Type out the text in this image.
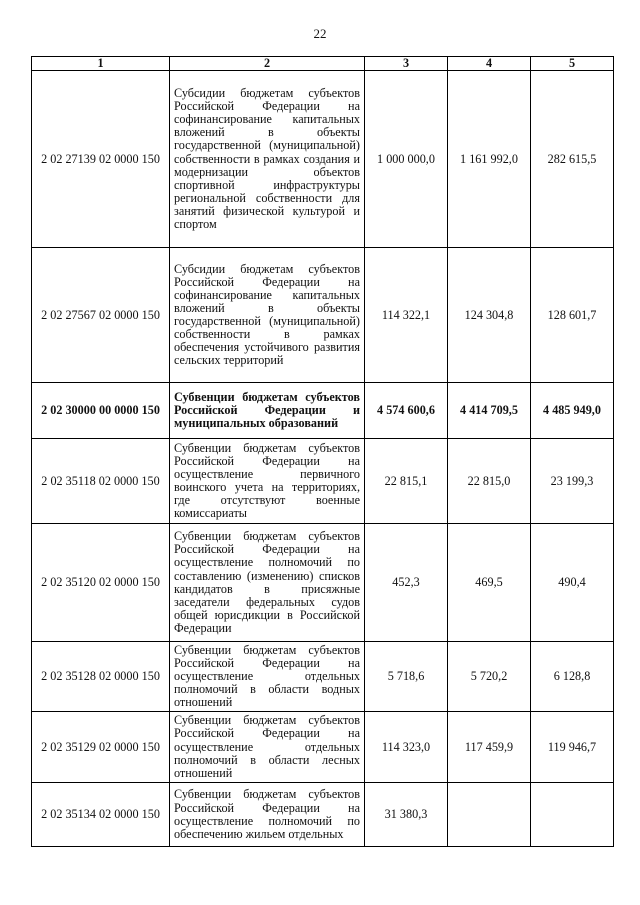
22
1	2	3	4	5
2 02 27139 02 0000 150	Субсидии бюджетам субъектов Российской Федерации на софинансирование капитальных вложений в объекты государственной (муниципальной) собственности в рамках создания и модернизации объектов спортивной инфраструктуры региональной собственности для занятий физической культурой и спортом	1 000 000,0	1 161 992,0	282 615,5
2 02 27567 02 0000 150	Субсидии бюджетам субъектов Российской Федерации на софинансирование капитальных вложений в объекты государственной (муниципальной) собственности в рамках обеспечения устойчивого развития сельских территорий	114 322,1	124 304,8	128 601,7
2 02 30000 00 0000 150	Субвенции бюджетам субъектов Российской Федерации и муниципальных образований	4 574 600,6	4 414 709,5	4 485 949,0
2 02 35118 02 0000 150	Субвенции бюджетам субъектов Российской Федерации на осуществление первичного воинского учета на территориях, где отсутствуют военные комиссариаты	22 815,1	22 815,0	23 199,3
2 02 35120 02 0000 150	Субвенции бюджетам субъектов Российской Федерации на осуществление полномочий по составлению (изменению) списков кандидатов в присяжные заседатели федеральных судов общей юрисдикции в Российской Федерации	452,3	469,5	490,4
2 02 35128 02 0000 150	Субвенции бюджетам субъектов Российской Федерации на осуществление отдельных полномочий в области водных отношений	5 718,6	5 720,2	6 128,8
2 02 35129 02 0000 150	Субвенции бюджетам субъектов Российской Федерации на осуществление отдельных полномочий в области лесных отношений	114 323,0	117 459,9	119 946,7
2 02 35134 02 0000 150	Субвенции бюджетам субъектов Российской Федерации на осуществление полномочий по обеспечению жильем отдельных	31 380,3		
